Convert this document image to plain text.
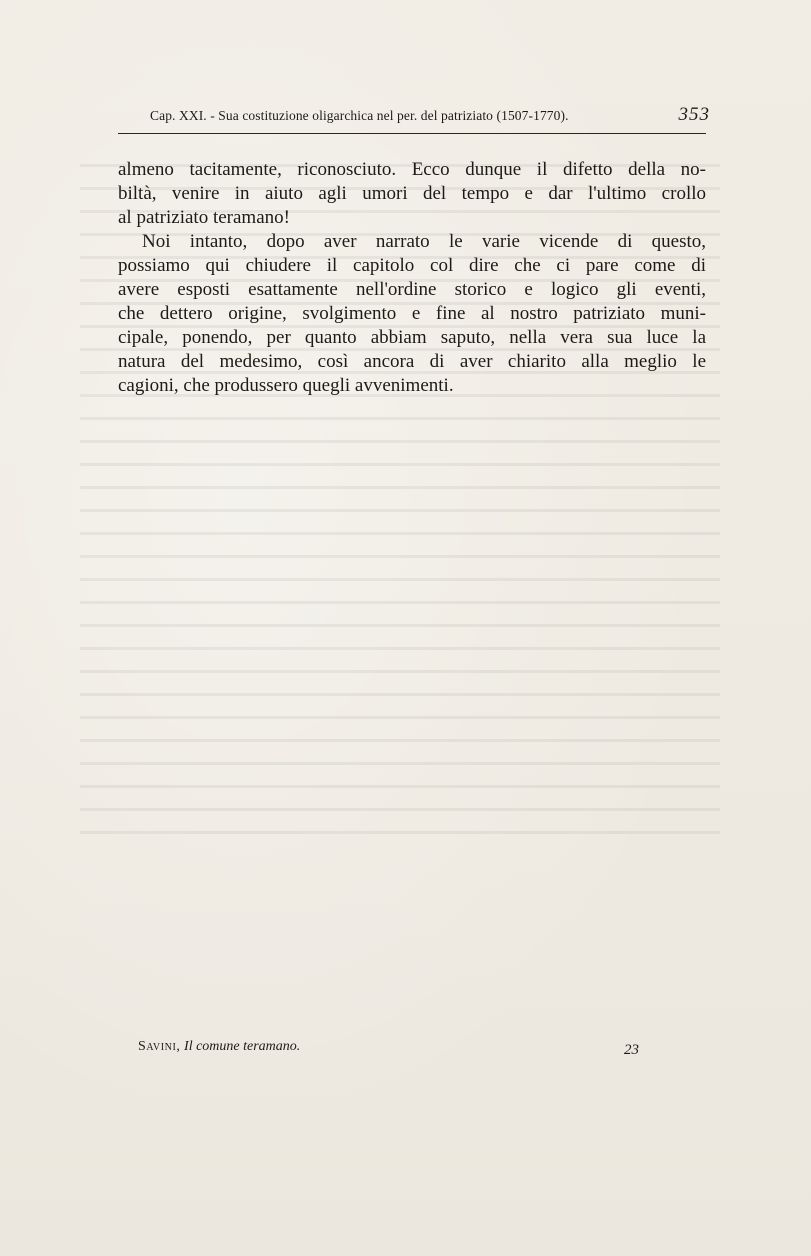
Cap. XXI. - Sua costituzione oligarchica nel per. del patriziato (1507-1770).	353
almeno tacitamente, riconosciuto. Ecco dunque il difetto della no-
biltà, venire in aiuto agli umori del tempo e dar l'ultimo crollo
al patriziato teramano!
Noi intanto, dopo aver narrato le varie vicende di questo,
possiamo qui chiudere il capitolo col dire che ci pare come di
avere esposti esattamente nell'ordine storico e logico gli eventi,
che dettero origine, svolgimento e fine al nostro patriziato muni-
cipale, ponendo, per quanto abbiam saputo, nella vera sua luce la
natura del medesimo, così ancora di aver chiarito alla meglio le
cagioni, che produssero quegli avvenimenti.
Savini, Il comune teramano.	23
